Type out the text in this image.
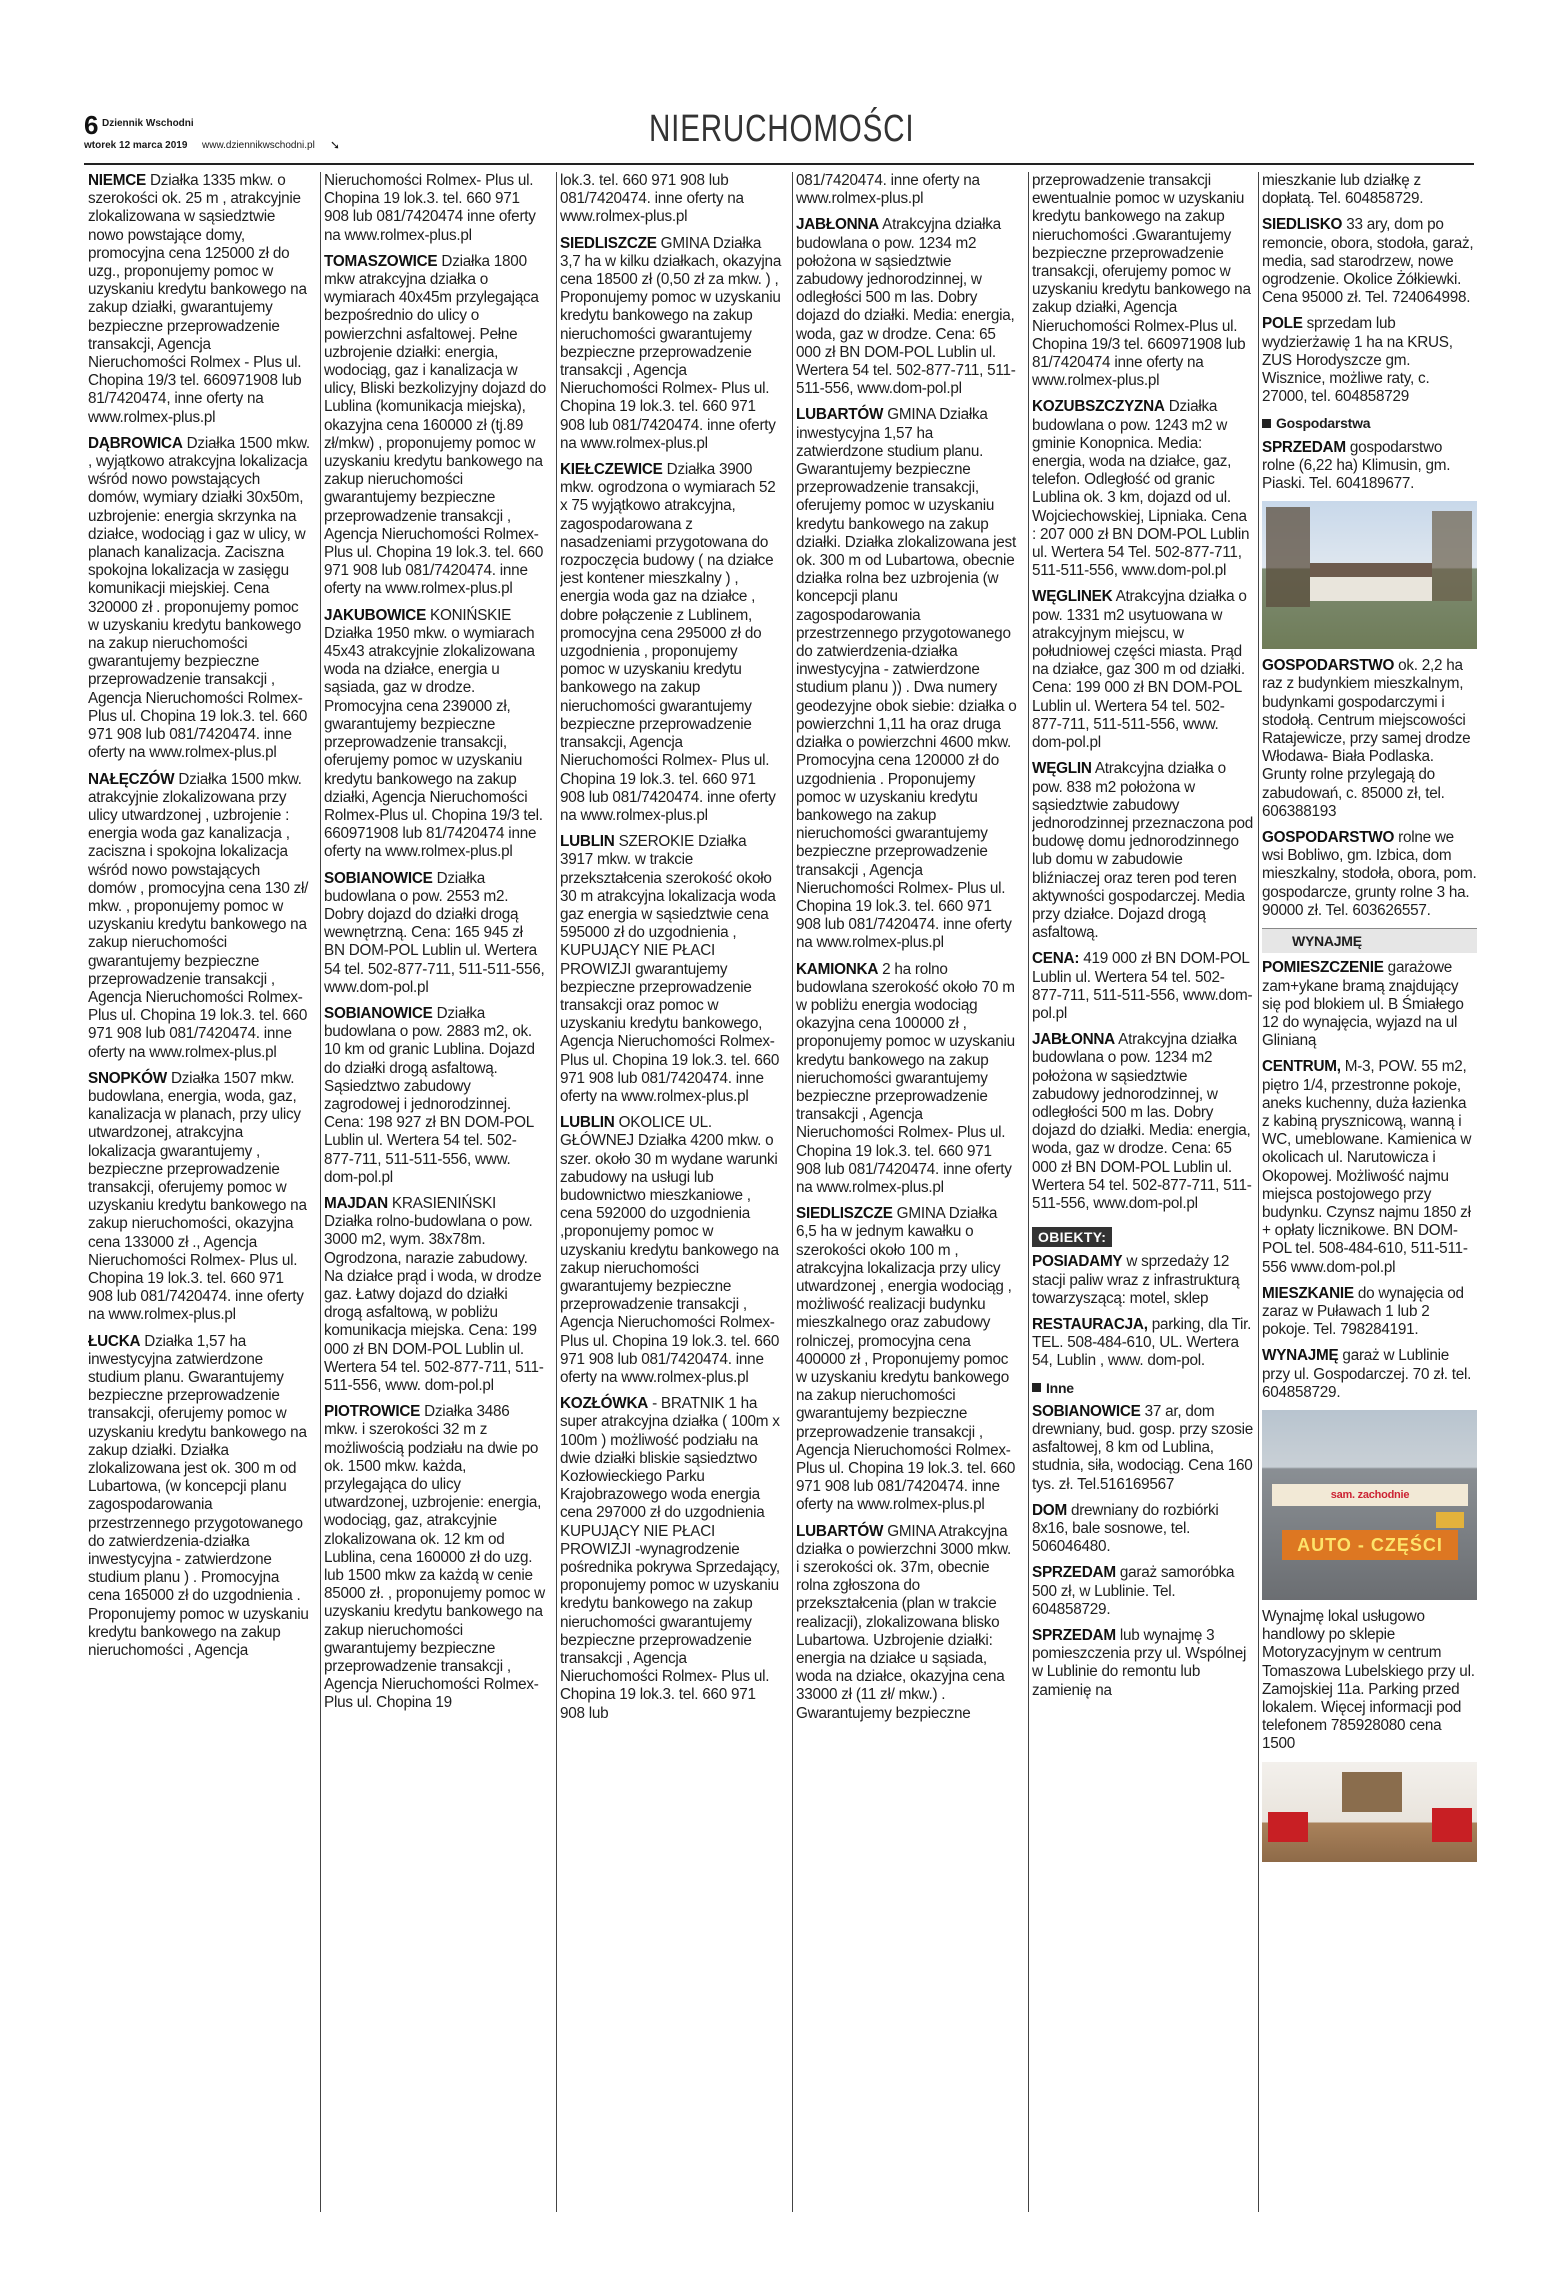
6 Dziennik Wschodni
wtorek 12 marca 2019 www.dziennikwschodni.pl ➘	NIERUCHOMOŚCI

NIEMCE Działka 1335 mkw. o szerokości ok. 25 m , atrakcyjnie zlokalizowana w sąsiedztwie nowo powstające domy, promocyjna cena 125000 zł do uzg., proponujemy pomoc w uzyskaniu kredytu bankowego na zakup działki, gwarantujemy bezpieczne przeprowadzenie transakcji, Agencja Nieruchomości Rolmex - Plus ul. Chopina 19/3 tel. 660971908 lub 81/7420474, inne oferty na www.rolmex-plus.pl

DĄBROWICA Działka 1500 mkw. , wyjątkowo atrakcyjna lokalizacja wśród nowo powstających domów, wymiary działki 30x50m, uzbrojenie: energia skrzynka na działce, wodociąg i gaz w ulicy, w planach kanalizacja. Zaciszna spokojna lokalizacja w zasięgu komunikacji miejskiej. Cena 320000 zł . proponujemy pomoc w uzyskaniu kredytu bankowego na zakup nieruchomości gwarantujemy bezpieczne przeprowadzenie transakcji , Agencja Nieruchomości Rolmex- Plus ul. Chopina 19 lok.3. tel. 660 971 908 lub 081/7420474. inne oferty na www.rolmex-plus.pl

NAŁĘCZÓW Działka 1500 mkw. atrakcyjnie zlokalizowana przy ulicy utwardzonej , uzbrojenie : energia woda gaz kanalizacja , zaciszna i spokojna lokalizacja wśród nowo powstających domów , promocyjna cena 130 zł/ mkw. , proponujemy pomoc w uzyskaniu kredytu bankowego na zakup nieruchomości gwarantujemy bezpieczne przeprowadzenie transakcji , Agencja Nieruchomości Rolmex- Plus ul. Chopina 19 lok.3. tel. 660 971 908 lub 081/7420474. inne oferty na www.rolmex-plus.pl

SNOPKÓW Działka 1507 mkw. budowlana, energia, woda, gaz, kanalizacja w planach, przy ulicy utwardzonej, atrakcyjna lokalizacja gwarantujemy , bezpieczne przeprowadzenie transakcji, oferujemy pomoc w uzyskaniu kredytu bankowego na zakup nieruchomości, okazyjna cena 133000 zł ., Agencja Nieruchomości Rolmex- Plus ul. Chopina 19 lok.3. tel. 660 971 908 lub 081/7420474. inne oferty na www.rolmex-plus.pl

ŁUCKA Działka 1,57 ha inwestycyjna zatwierdzone studium planu. Gwarantujemy bezpieczne przeprowadzenie transakcji, oferujemy pomoc w uzyskaniu kredytu bankowego na zakup działki. Działka zlokalizowana jest ok. 300 m od Lubartowa, (w koncepcji planu zagospodarowania przestrzennego przygotowanego do zatwierdzenia-działka inwestycyjna - zatwierdzone studium planu ) . Promocyjna cena 165000 zł do uzgodnienia . Proponujemy pomoc w uzyskaniu kredytu bankowego na zakup nieruchomości , Agencja

Nieruchomości Rolmex- Plus ul. Chopina 19 lok.3. tel. 660 971 908 lub 081/7420474 inne oferty na www.rolmex-plus.pl

TOMASZOWICE Działka 1800 mkw atrakcyjna działka o wymiarach 40x45m przylegająca bezpośrednio do ulicy o powierzchni asfaltowej. Pełne uzbrojenie działki: energia, wodociąg, gaz i kanalizacja w ulicy, Bliski bezkolizyjny dojazd do Lublina (komunikacja miejska), okazyjna cena 160000 zł (tj.89 zł/mkw) , proponujemy pomoc w uzyskaniu kredytu bankowego na zakup nieruchomości gwarantujemy bezpieczne przeprowadzenie transakcji , Agencja Nieruchomości Rolmex- Plus ul. Chopina 19 lok.3. tel. 660 971 908 lub 081/7420474. inne oferty na www.rolmex-plus.pl

JAKUBOWICE KONIŃSKIE Działka 1950 mkw. o wymiarach 45x43 atrakcyjnie zlokalizowana woda na działce, energia u sąsiada, gaz w drodze. Promocyjna cena 239000 zł, gwarantujemy bezpieczne przeprowadzenie transakcji, oferujemy pomoc w uzyskaniu kredytu bankowego na zakup działki, Agencja Nieruchomości Rolmex-Plus ul. Chopina 19/3 tel. 660971908 lub 81/7420474 inne oferty na www.rolmex-plus.pl

SOBIANOWICE Działka budowlana o pow. 2553 m2. Dobry dojazd do działki drogą wewnętrzną. Cena: 165 945 zł BN DOM-POL Lublin ul. Wertera 54 tel. 502-877-711, 511-511-556, www.dom-pol.pl

SOBIANOWICE Działka budowlana o pow. 2883 m2, ok. 10 km od granic Lublina. Dojazd do działki drogą asfaltową. Sąsiedztwo zabudowy zagrodowej i jednorodzinnej. Cena: 198 927 zł BN DOM-POL Lublin ul. Wertera 54 tel. 502-877-711, 511-511-556, www. dom-pol.pl

MAJDAN KRASIENIŃSKI Działka rolno-budowlana o pow. 3000 m2, wym. 38x78m. Ogrodzona, narazie zabudowy. Na działce prąd i woda, w drodze gaz. Łatwy dojazd do działki drogą asfaltową, w pobliżu komunikacja miejska. Cena: 199 000 zł BN DOM-POL Lublin ul. Wertera 54 tel. 502-877-711, 511-511-556, www. dom-pol.pl

PIOTROWICE Działka 3486 mkw. i szerokości 32 m z możliwością podziału na dwie po ok. 1500 mkw. każda, przylegająca do ulicy utwardzonej, uzbrojenie: energia, wodociąg, gaz, atrakcyjnie zlokalizowana ok. 12 km od Lublina, cena 160000 zł do uzg. lub 1500 mkw za każdą w cenie 85000 zł. , proponujemy pomoc w uzyskaniu kredytu bankowego na zakup nieruchomości gwarantujemy bezpieczne przeprowadzenie transakcji , Agencja Nieruchomości Rolmex- Plus ul. Chopina 19

lok.3. tel. 660 971 908 lub 081/7420474. inne oferty na www.rolmex-plus.pl

SIEDLISZCZE GMINA Działka 3,7 ha w kilku działkach, okazyjna cena 18500 zł (0,50 zł za mkw. ) , Proponujemy pomoc w uzyskaniu kredytu bankowego na zakup nieruchomości gwarantujemy bezpieczne przeprowadzenie transakcji , Agencja Nieruchomości Rolmex- Plus ul. Chopina 19 lok.3. tel. 660 971 908 lub 081/7420474. inne oferty na www.rolmex-plus.pl

KIEŁCZEWICE Działka 3900 mkw. ogrodzona o wymiarach 52 x 75 wyjątkowo atrakcyjna, zagospodarowana z nasadzeniami przygotowana do rozpoczęcia budowy ( na działce jest kontener mieszkalny ) , energia woda gaz na działce , dobre połączenie z Lublinem, promocyjna cena 295000 zł do uzgodnienia , proponujemy pomoc w uzyskaniu kredytu bankowego na zakup nieruchomości gwarantujemy bezpieczne przeprowadzenie transakcji, Agencja Nieruchomości Rolmex- Plus ul. Chopina 19 lok.3. tel. 660 971 908 lub 081/7420474. inne oferty na www.rolmex-plus.pl

LUBLIN SZEROKIE Działka 3917 mkw. w trakcie przekształcenia szerokość około 30 m atrakcyjna lokalizacja woda gaz energia w sąsiedztwie cena 595000 zł do uzgodnienia , KUPUJĄCY NIE PŁACI PROWIZJI gwarantujemy bezpieczne przeprowadzenie transakcji oraz pomoc w uzyskaniu kredytu bankowego, Agencja Nieruchomości Rolmex- Plus ul. Chopina 19 lok.3. tel. 660 971 908 lub 081/7420474. inne oferty na www.rolmex-plus.pl

LUBLIN OKOLICE UL. GŁÓWNEJ Działka 4200 mkw. o szer. około 30 m wydane warunki zabudowy na usługi lub budownictwo mieszkaniowe , cena 592000 do uzgodnienia ,proponujemy pomoc w uzyskaniu kredytu bankowego na zakup nieruchomości gwarantujemy bezpieczne przeprowadzenie transakcji , Agencja Nieruchomości Rolmex- Plus ul. Chopina 19 lok.3. tel. 660 971 908 lub 081/7420474. inne oferty na www.rolmex-plus.pl

KOZŁÓWKA - BRATNIK 1 ha super atrakcyjna działka ( 100m x 100m ) możliwość podziału na dwie działki bliskie sąsiedztwo Kozłowieckiego Parku Krajobrazowego woda energia cena 297000 zł do uzgodnienia KUPUJĄCY NIE PŁACI PROWIZJI -wynagrodzenie pośrednika pokrywa Sprzedający, proponujemy pomoc w uzyskaniu kredytu bankowego na zakup nieruchomości gwarantujemy bezpieczne przeprowadzenie transakcji , Agencja Nieruchomości Rolmex- Plus ul. Chopina 19 lok.3. tel. 660 971 908 lub

081/7420474. inne oferty na www.rolmex-plus.pl

JABŁONNA Atrakcyjna działka budowlana o pow. 1234 m2 położona w sąsiedztwie zabudowy jednorodzinnej, w odległości 500 m las. Dobry dojazd do działki. Media: energia, woda, gaz w drodze. Cena: 65 000 zł BN DOM-POL Lublin ul. Wertera 54 tel. 502-877-711, 511-511-556, www.dom-pol.pl

LUBARTÓW GMINA Działka inwestycyjna 1,57 ha zatwierdzone studium planu. Gwarantujemy bezpieczne przeprowadzenie transakcji, oferujemy pomoc w uzyskaniu kredytu bankowego na zakup działki. Działka zlokalizowana jest ok. 300 m od Lubartowa, obecnie działka rolna bez uzbrojenia (w koncepcji planu zagospodarowania przestrzennego przygotowanego do zatwierdzenia-działka inwestycyjna - zatwierdzone studium planu )) . Dwa numery geodezyjne obok siebie: działka o powierzchni 1,11 ha oraz druga działka o powierzchni 4600 mkw. Promocyjna cena 120000 zł do uzgodnienia . Proponujemy pomoc w uzyskaniu kredytu bankowego na zakup nieruchomości gwarantujemy bezpieczne przeprowadzenie transakcji , Agencja Nieruchomości Rolmex- Plus ul. Chopina 19 lok.3. tel. 660 971 908 lub 081/7420474. inne oferty na www.rolmex-plus.pl

KAMIONKA 2 ha rolno budowlana szerokość około 70 m w pobliżu energia wodociąg okazyjna cena 100000 zł , proponujemy pomoc w uzyskaniu kredytu bankowego na zakup nieruchomości gwarantujemy bezpieczne przeprowadzenie transakcji , Agencja Nieruchomości Rolmex- Plus ul. Chopina 19 lok.3. tel. 660 971 908 lub 081/7420474. inne oferty na www.rolmex-plus.pl

SIEDLISZCZE GMINA Działka 6,5 ha w jednym kawałku o szerokości około 100 m , atrakcyjna lokalizacja przy ulicy utwardzonej , energia wodociąg , możliwość realizacji budynku mieszkalnego oraz zabudowy rolniczej, promocyjna cena 400000 zł , Proponujemy pomoc w uzyskaniu kredytu bankowego na zakup nieruchomości gwarantujemy bezpieczne przeprowadzenie transakcji , Agencja Nieruchomości Rolmex- Plus ul. Chopina 19 lok.3. tel. 660 971 908 lub 081/7420474. inne oferty na www.rolmex-plus.pl

LUBARTÓW GMINA Atrakcyjna działka o powierzchni 3000 mkw. i szerokości ok. 37m, obecnie rolna zgłoszona do przekształcenia (plan w trakcie realizacji), zlokalizowana blisko Lubartowa. Uzbrojenie działki: energia na działce u sąsiada, woda na działce, okazyjna cena 33000 zł (11 zł/ mkw.) . Gwarantujemy bezpieczne

przeprowadzenie transakcji ewentualnie pomoc w uzyskaniu kredytu bankowego na zakup nieruchomości .Gwarantujemy bezpieczne przeprowadzenie transakcji, oferujemy pomoc w uzyskaniu kredytu bankowego na zakup działki, Agencja Nieruchomości Rolmex-Plus ul. Chopina 19/3 tel. 660971908 lub 81/7420474 inne oferty na www.rolmex-plus.pl

KOZUBSZCZYZNA Działka budowlana o pow. 1243 m2 w gminie Konopnica. Media: energia, woda na działce, gaz, telefon. Odległość od granic Lublina ok. 3 km, dojazd od ul. Wojciechowskiej, Lipniaka. Cena : 207 000 zł BN DOM-POL Lublin ul. Wertera 54 Tel. 502-877-711, 511-511-556, www.dom-pol.pl

WĘGLINEK Atrakcyjna działka o pow. 1331 m2 usytuowana w atrakcyjnym miejscu, w południowej części miasta. Prąd na działce, gaz 300 m od działki. Cena: 199 000 zł BN DOM-POL Lublin ul. Wertera 54 tel. 502-877-711, 511-511-556, www. dom-pol.pl

WĘGLIN Atrakcyjna działka o pow. 838 m2 położona w sąsiedztwie zabudowy jednorodzinnej przeznaczona pod budowę domu jednorodzinnego lub domu w zabudowie bliźniaczej oraz teren pod teren aktywności gospodarczej. Media przy działce. Dojazd drogą asfaltową.

CENA: 419 000 zł BN DOM-POL Lublin ul. Wertera 54 tel. 502-877-711, 511-511-556, www.dom-pol.pl

JABŁONNA Atrakcyjna działka budowlana o pow. 1234 m2 położona w sąsiedztwie zabudowy jednorodzinnej, w odległości 500 m las. Dobry dojazd do działki. Media: energia, woda, gaz w drodze. Cena: 65 000 zł BN DOM-POL Lublin ul. Wertera 54 tel. 502-877-711, 511-511-556, www.dom-pol.pl

OBIEKTY:

POSIADAMY w sprzedaży 12 stacji paliw wraz z infrastrukturą towarzyszącą: motel, sklep

RESTAURACJA, parking, dla Tir. TEL. 508-484-610, UL. Wertera 54, Lublin , www. dom-pol.

Inne

SOBIANOWICE 37 ar, dom drewniany, bud. gosp. przy szosie asfaltowej, 8 km od Lublina, studnia, siła, wodociąg. Cena 160 tys. zł. Tel.516169567

DOM drewniany do rozbiórki 8x16, bale sosnowe, tel. 506046480.

SPRZEDAM garaż samoróbka 500 zł, w Lublinie. Tel. 604858729.

SPRZEDAM lub wynajmę 3 pomieszczenia przy ul. Wspólnej w Lublinie do remontu lub zamienię na

mieszkanie lub działkę z dopłatą. Tel. 604858729.

SIEDLISKO 33 ary, dom po remoncie, obora, stodoła, garaż, media, sad starodrzew, nowe ogrodzenie. Okolice Żółkiewki. Cena 95000 zł. Tel. 724064998.

POLE sprzedam lub wydzierżawię 1 ha na KRUS, ZUS Horodyszcze gm. Wisznice, możliwe raty, c. 27000, tel. 604858729

Gospodarstwa

SPRZEDAM gospodarstwo rolne (6,22 ha) Klimusin, gm. Piaski. Tel. 604189677.

GOSPODARSTWO ok. 2,2 ha raz z budynkiem mieszkalnym, budynkami gospodarczymi i stodołą. Centrum miejscowości Ratajewicze, przy samej drodze Włodawa- Biała Podlaska. Grunty rolne przylegają do zabudowań, c. 85000 zł, tel. 606388193

GOSPODARSTWO rolne we wsi Bobliwo, gm. Izbica, dom mieszkalny, stodoła, obora, pom. gospodarcze, grunty rolne 3 ha. 90000 zł. Tel. 603626557.

WYNAJMĘ

POMIESZCZENIE garażowe zam+ykane bramą znajdujący się pod blokiem ul. B Śmiałego 12 do wynajęcia, wyjazd na ul Glinianą

CENTRUM, M-3, POW. 55 m2, piętro 1/4, przestronne pokoje, aneks kuchenny, duża łazienka z kabiną prysznicową, wanną i WC, umeblowane. Kamienica w okolicach ul. Narutowicza i Okopowej. Możliwość najmu miejsca postojowego przy budynku. Czynsz najmu 1850 zł + opłaty licznikowe. BN DOM-POL tel. 508-484-610, 511-511-556 www.dom-pol.pl

MIESZKANIE do wynajęcia od zaraz w Puławach 1 lub 2 pokoje. Tel. 798284191.

WYNAJMĘ garaż w Lublinie przy ul. Gospodarczej. 70 zł. tel. 604858729.

sam. zachodnie
AUTO - CZĘŚCI

Wynajmę lokal usługowo handlowy po sklepie Motoryzacyjnym w centrum Tomaszowa Lubelskiego przy ul. Zamojskiej 11a. Parking przed lokalem. Więcej informacji pod telefonem 785928080 cena 1500
